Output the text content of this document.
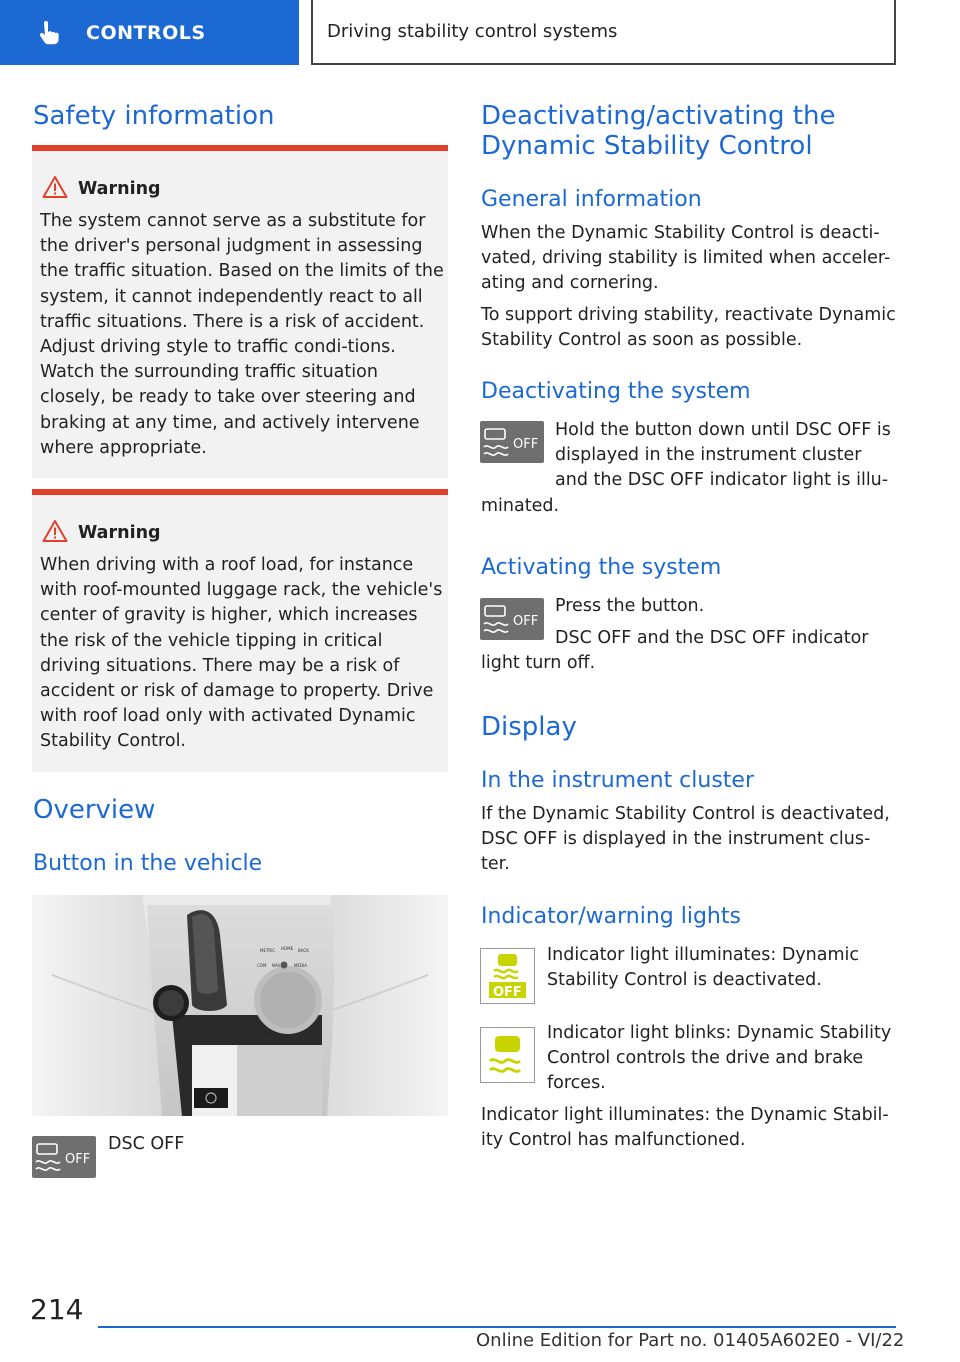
CONTROLS	Driving stability control systems
Safety information
Warning
The system cannot serve as a substitute for the driver's personal judgment in assessing the traffic situation. Based on the limits of the system, it cannot independently react to all traffic situations. There is a risk of accident. Adjust driving style to traffic condi-tions. Watch the surrounding traffic situation closely, be ready to take over steering and braking at any time, and actively intervene where appropriate.
Warning
When driving with a roof load, for instance with roof-mounted luggage rack, the vehicle's center of gravity is higher, which increases the risk of the vehicle tipping in critical driving situations. There may be a risk of accident or risk of damage to property. Drive with roof load only with activated Dynamic Stability Control.
Overview
Button in the vehicle
METRIC HOME BACK
COM NAV	MEDIA
BACK	OPTION
OFF
DSC OFF
Deactivating/activating the Dynamic Stability Control
General information
When the Dynamic Stability Control is deacti-vated, driving stability is limited when acceler-ating and cornering.
To support driving stability, reactivate Dynamic Stability Control as soon as possible.
Deactivating the system
OFF
Hold the button down until DSC OFF is displayed in the instrument cluster and the DSC OFF indicator light is illu-
minated.
Activating the system
OFF
Press the button.
DSC OFF and the DSC OFF indicator
light turn off.
Display
In the instrument cluster
If the Dynamic Stability Control is deactivated, DSC OFF is displayed in the instrument clus-ter.
Indicator/warning lights
OFF
Indicator light illuminates: Dynamic Stability Control is deactivated.
Indicator light blinks: Dynamic Stability Control controls the drive and brake forces.
Indicator light illuminates: the Dynamic Stabil-ity Control has malfunctioned.
214
Online Edition for Part no. 01405A602E0 - VI/22
